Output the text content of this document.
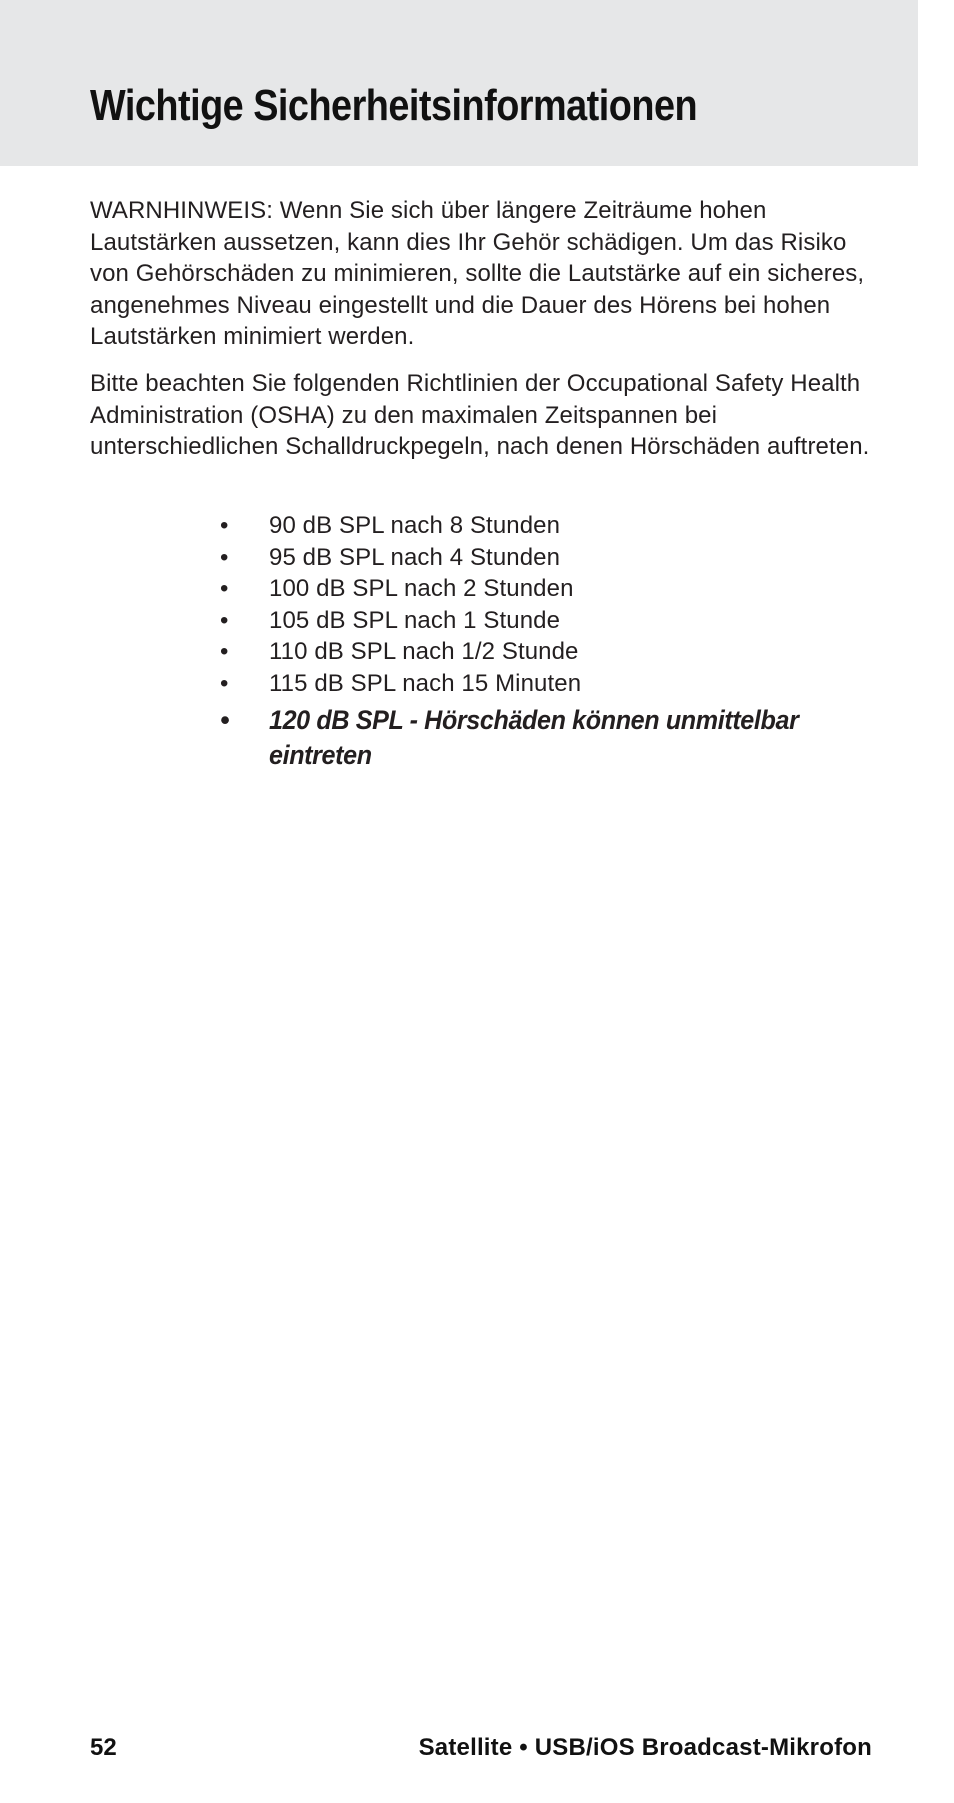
Wichtige Sicherheitsinformationen

WARNHINWEIS: Wenn Sie sich über längere Zeiträume hohen Lautstärken aussetzen, kann dies Ihr Gehör schädigen. Um das Risiko von Gehörschäden zu minimieren, sollte die Lautstärke auf ein sicheres, angenehmes Niveau eingestellt und die Dauer des Hörens bei hohen Lautstärken minimiert werden.

Bitte beachten Sie folgenden Richtlinien der Occupational Safety Health Administration (OSHA) zu den maximalen Zeitspannen bei unterschiedlichen Schalldruckpegeln, nach denen Hörschäden auftreten.

• 90 dB SPL nach 8 Stunden
• 95 dB SPL nach 4 Stunden
• 100 dB SPL nach 2 Stunden
• 105 dB SPL nach 1 Stunde
• 110 dB SPL nach 1/2 Stunde
• 115 dB SPL nach 15 Minuten
• 120 dB SPL - Hörschäden können unmittelbar eintreten
52	Satellite • USB/iOS Broadcast-Mikrofon
